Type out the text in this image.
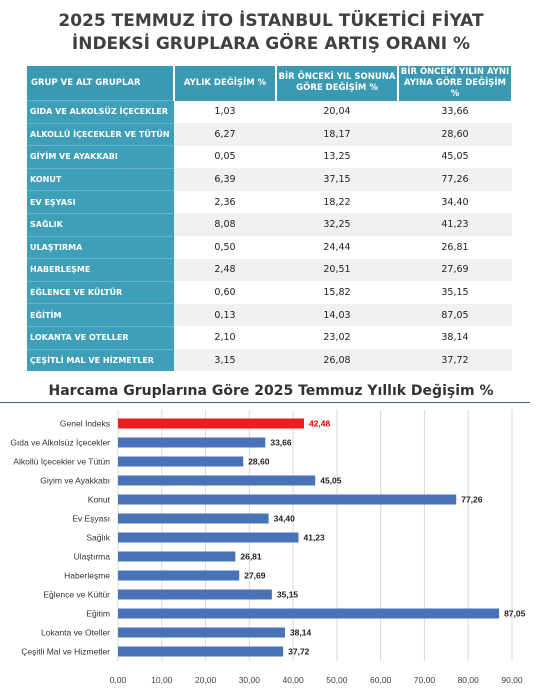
2025 TEMMUZ İTO İSTANBUL TÜKETİCİ FİYAT
İNDEKSİ GRUPLARA GÖRE ARTIŞ ORANI %
GRUP VE ALT GRUPLAR	AYLIK DEĞİŞİM %	BİR ÖNCEKİ YIL SONUNA GÖRE DEĞİŞİM %	BİR ÖNCEKİ YILIN AYNI AYINA GÖRE DEĞİŞİM %
GIDA VE ALKOLSÜZ İÇECEKLER	1,03	20,04	33,66
ALKOLLÜ İÇECEKLER VE TÜTÜN	6,27	18,17	28,60
GİYİM VE AYAKKABI	0,05	13,25	45,05
KONUT	6,39	37,15	77,26
EV EŞYASI	2,36	18,22	34,40
SAĞLIK	8,08	32,25	41,23
ULAŞTIRMA	0,50	24,44	26,81
HABERLEŞME	2,48	20,51	27,69
EĞLENCE VE KÜLTÜR	0,60	15,82	35,15
EĞİTİM	0,13	14,03	87,05
LOKANTA VE OTELLER	2,10	23,02	38,14
ÇEŞİTLİ MAL VE HİZMETLER	3,15	26,08	37,72
Harcama Gruplarına Göre 2025 Temmuz Yıllık Değişim %
0,00	10,00	20,00	30,00	40,00	50,00	60,00	70,00	80,00	90,00
Genel İndeks	42,48
Gıda ve Alkolsüz İçecekler	33,66
Alkollü İçecekler ve Tütün	28,60
Giyim ve Ayakkabı	45,05
Konut	77,26
Ev Eşyası	34,40
Sağlık	41,23
Ulaştırma	26,81
Haberleşme	27,69
Eğlence ve Kültür	35,15
Eğitim	87,05
Lokanta ve Oteller	38,14
Çeşitli Mal ve Hizmetler	37,72
